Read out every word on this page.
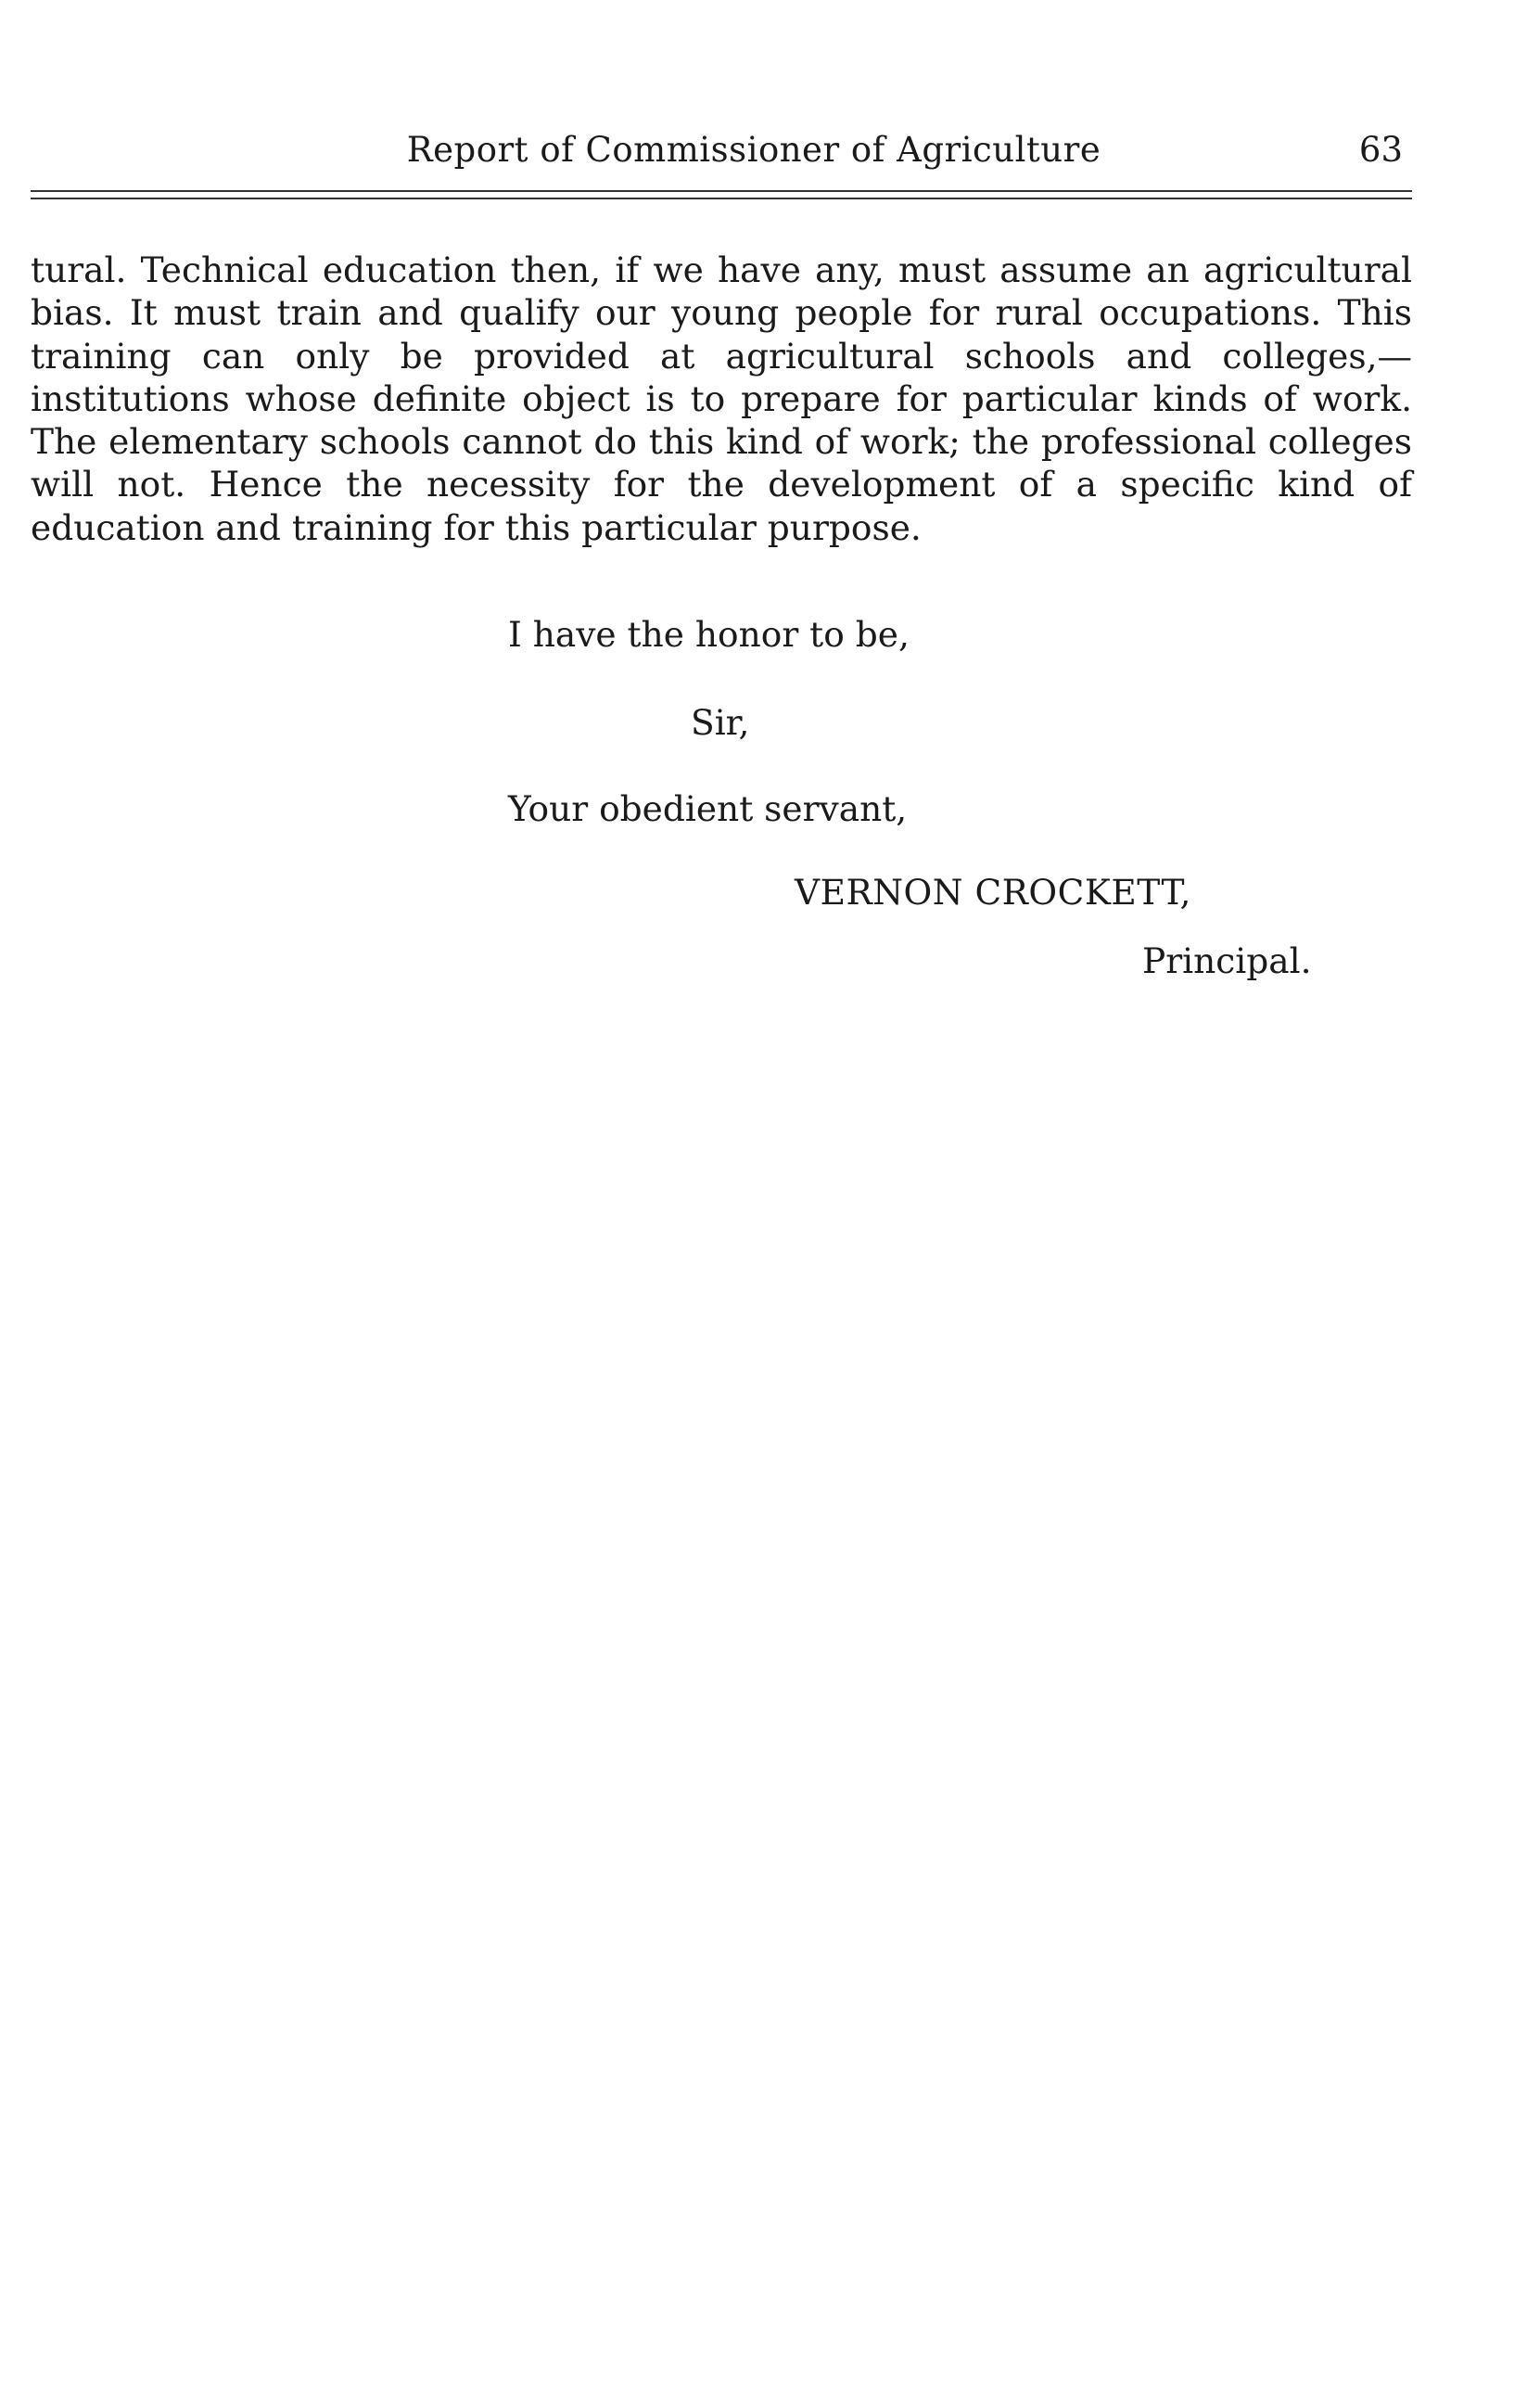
Report of Commissioner of Agriculture	63

tural. Technical education then, if we have any, must assume an agricultural bias. It must train and qualify our young people for rural occupations. This training can only be provided at agricultural schools and colleges,—institutions whose definite object is to prepare for particular kinds of work. The elementary schools cannot do this kind of work; the professional colleges will not. Hence the necessity for the development of a specific kind of education and training for this particular purpose.

I have the honor to be,
Sir,
Your obedient servant,
VERNON CROCKETT,
Principal.
